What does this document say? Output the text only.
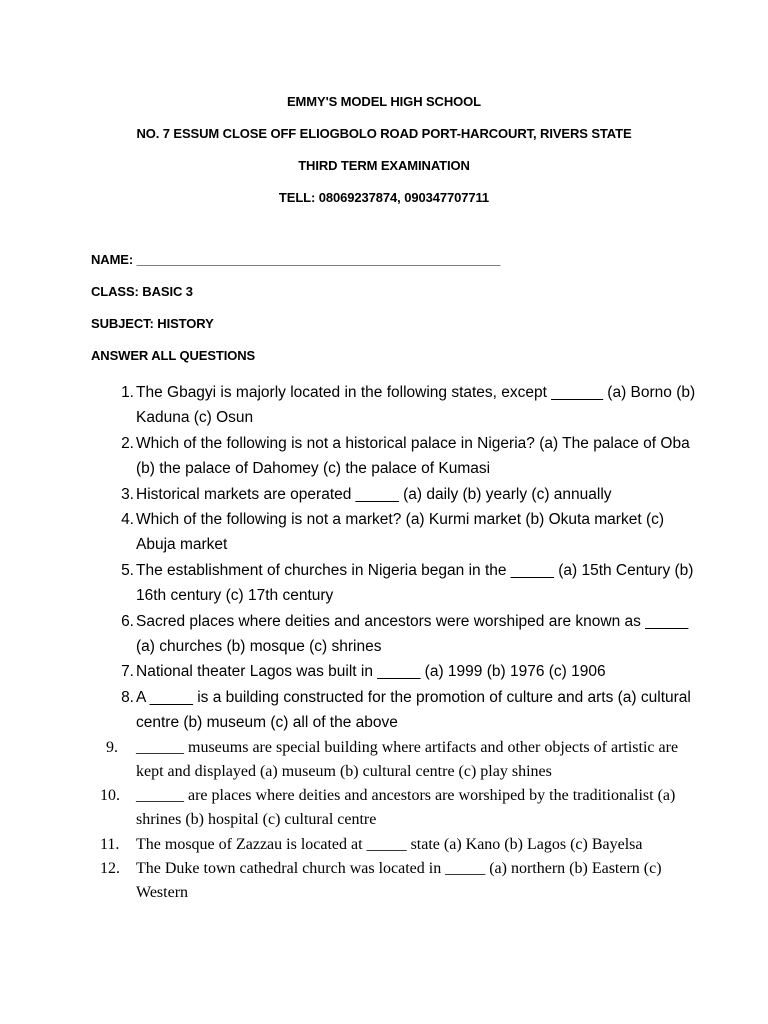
EMMY'S MODEL HIGH SCHOOL
NO. 7 ESSUM CLOSE OFF ELIOGBOLO ROAD PORT-HARCOURT, RIVERS STATE
THIRD TERM EXAMINATION
TELL: 08069237874, 090347707711
NAME: ___________________________________________________
CLASS: BASIC 3
SUBJECT: HISTORY
ANSWER ALL QUESTIONS
1. The Gbagyi is majorly located in the following states, except ______ (a) Borno (b) Kaduna (c) Osun
2. Which of the following is not a historical palace in Nigeria? (a) The palace of Oba (b) the palace of Dahomey (c) the palace of Kumasi
3. Historical markets are operated _____ (a) daily (b) yearly (c) annually
4. Which of the following is not a market? (a) Kurmi market (b) Okuta market (c) Abuja market
5. The establishment of churches in Nigeria began in the _____ (a) 15th Century (b) 16th century (c) 17th century
6. Sacred places where deities and ancestors were worshiped are known as _____ (a) churches (b) mosque (c) shrines
7. National theater Lagos was built in _____ (a) 1999 (b) 1976 (c) 1906
8. A _____ is a building constructed for the promotion of culture and arts (a) cultural centre (b) museum (c) all of the above
9.	______ museums are special building where artifacts and other objects of artistic are kept and displayed (a) museum (b) cultural centre (c) play shines
10.	______ are places where deities and ancestors are worshiped by the traditionalist (a) shrines (b) hospital (c) cultural centre
11.	The mosque of Zazzau is located at _____ state (a) Kano (b) Lagos (c) Bayelsa
12.	The Duke town cathedral church was located in _____ (a) northern (b) Eastern (c) Western
